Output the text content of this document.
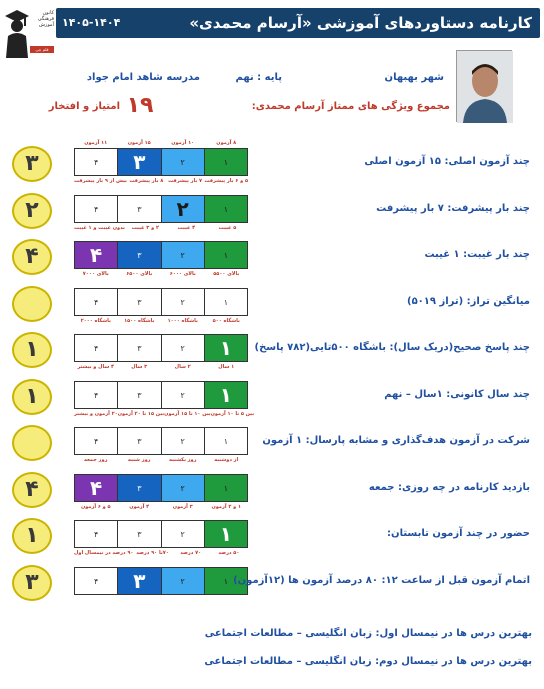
کانون
فرهنگی
آموزش
قلم چی
۱۴۰۵-۱۴۰۴	کارنامه دستاوردهای آموزشی «آرسام محمدی»
شهر بهبهان
پایه : نهم
مدرسه شاهد امام جواد
مجموع ویژگی های ممتاز آرسام محمدی:
۱۹
امتیاز و افتخار
۳
۱۱ آزمون	۱۵ آزمون	۱۰ آزمون	۸ آزمون
۴	۳	۲	۱
بیش از ۹ بار پیشرفت ۸ بار پیشرفت ۷ بار پیشرفت ۵ و ۶ بار پیشرفت
چند آزمون اصلی: ۱۵ آزمون اصلی
۲	۴	۳	۲	۱
بدون غیبت و ۱ غیبت	۲ و ۳ غیبت	۴ غیبت	۵ غیبت
چند بار پیشرفت: ۷ بار پیشرفت
۴	۴	۳	۲	۱
بالای ۷۰۰۰	بالای ۶۵۰۰	بالای ۶۰۰۰	بالای ۵۵۰۰
چند بار غیبت: ۱ غیبت
۴	۳	۲	۱
باشگاه ۲۰۰۰	باشگاه ۱۵۰۰	باشگاه ۱۰۰۰	باشگاه ۵۰۰
میانگین تراز: (تراز ۵۰۱۹)
۱	۴	۳	۲	۱
۴ سال و بیشتر	۳ سال	۲ سال	۱ سال
چند پاسخ صحیح(دریک سال): باشگاه ۵۰۰تایی(۷۸۲ پاسخ)
۱	۴	۳	۲	۱
۲۰ آزمون و بیشتر بین ۱۵ تا ۲۰ آزمون بین ۱۰ تا ۱۵ آزمون بین ۵ تا ۱۰ آزمون
چند سال کانونی: ۱سال – نهم
۴	۳	۲	۱
روز جمعه	روز شنبه	روز یکشنبه	از دوشنبه
شرکت در آزمون هدف‌گذاری و مشابه پارسال: ۱ آزمون
۴	۴	۳	۲	۱
۵ و ۶ آزمون	۴ آزمون	۳ آزمون	۱ و ۲ آزمون
بازدید کارنامه در چه روزی: جمعه
۱	۴	۳	۲	۱
۹۰ درصد در نیمسال اول ۷۰تا ۹۰ درصد	۷۰ درصد	۵۰ درصد
حضور در چند آزمون تابستان:
۳	۴	۳	۲	۱ اتمام آزمون قبل از ساعت ۱۲: ۸۰ درصد آزمون ها (۱۲آزمون)
بهترین درس ها در نیمسال اول: زبان انگلیسی – مطالعات اجتماعی
بهترین درس ها در نیمسال دوم: زبان انگلیسی – مطالعات اجتماعی
